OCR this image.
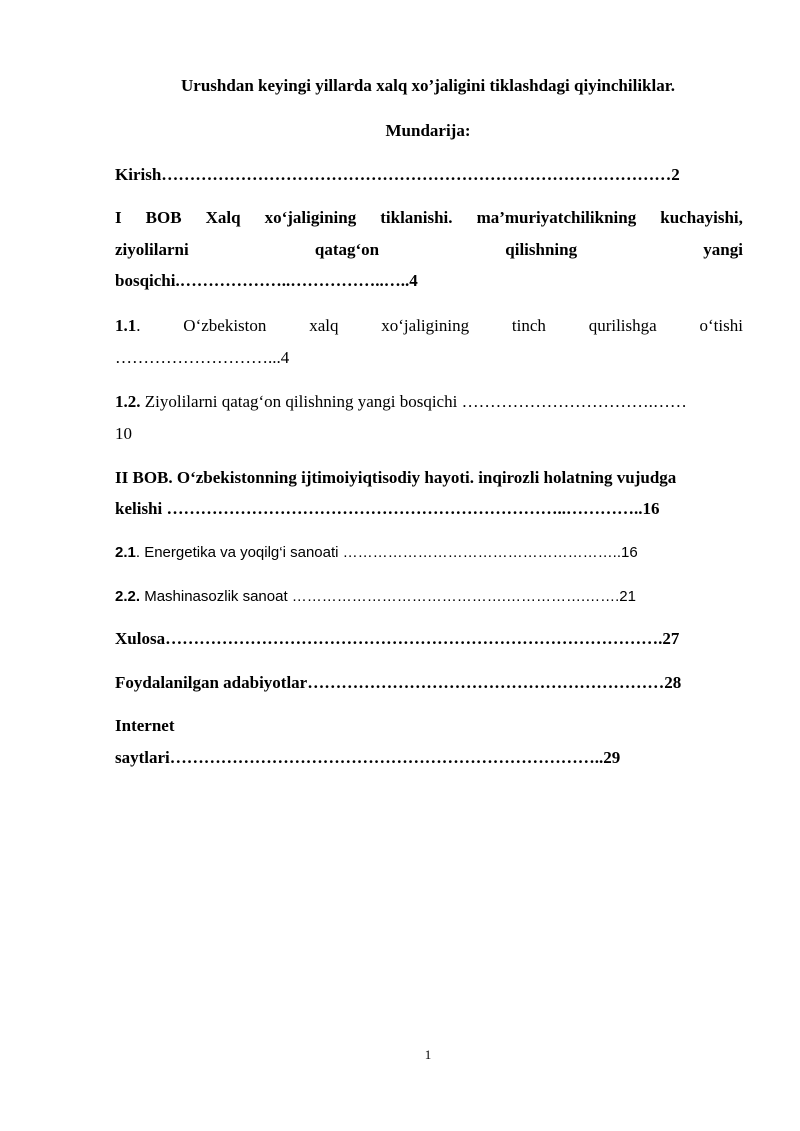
Urushdan keyingi yillarda xalq xo’jaligini tiklashdagi qiyinchiliklar.
Mundarija:
Kirish………………………………………………………………………………2
I BOB Xalq xo‘jaligining tiklanishi. ma’muriyatchilikning kuchayishi,
ziyolilarni	qatag‘on	qilishning	yangi
bosqichi.………………..……………..…..4
1.1.	O‘zbekiston	xalq	xo‘jaligining	tinch	qurilishga	o‘tishi
………………………...4
1.2. Ziyolilarni qatag‘on qilishning yangi bosqichi …………………………….……
10
II BOB. O‘zbekistonning ijtimoiyiqtisodiy hayoti. inqirozli holatning vujudga
kelishi ……………………………………………………………..…………..16
2.1. Energetika va yoqilg‘i sanoati ………………………………………………..16
2.2. Mashinasozlik sanoat …………………………………….…………….…….21
Xulosa…………………………………………………………………………….27
Foydalanilgan adabiyotlar………………………………………………………28
Internet
saytlari…………………………………………………………………..29
1
